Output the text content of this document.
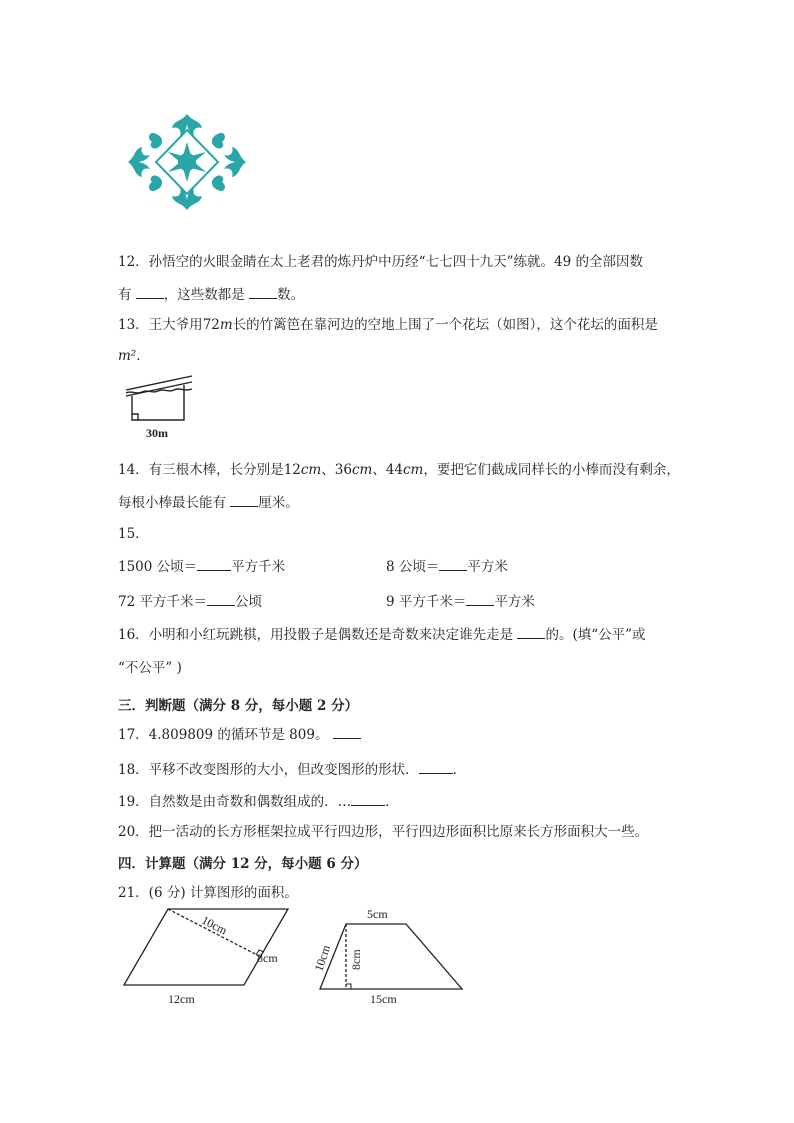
12．孙悟空的火眼金睛在太上老君的炼丹炉中历经“七七四十九天”练就。49 的全部因数
有 ，这些数都是 数。
13．王大爷用72m长的竹篱笆在靠河边的空地上围了一个花坛（如图），这个花坛的面积是
m²．
30m
14．有三根木棒，长分别是12cm、36cm、44cm，要把它们截成同样长的小棒而没有剩余，
每根小棒最长能有 厘米。
15．
1500 公顷＝	平方千米	8 公顷＝ 平方米
72 平方千米＝ 公顷	9 平方千米＝ 平方米
16．小明和小红玩跳棋，用投骰子是偶数还是奇数来决定谁先走是 的。(填“公平”或
“不公平” )
三．判断题（满分 8 分，每小题 2 分）
17．4.809809 的循环节是 809。
18．平移不改变图形的大小，但改变图形的形状．	．
19．自然数是由奇数和偶数组成的．…	．
20．把一活动的长方形框架拉成平行四边形，平行四边形面积比原来长方形面积大一些。
四．计算题（满分 12 分，每小题 6 分）
21．(6 分) 计算图形的面积。
10cm
8cm
12cm
5cm
10cm 8cm
15cm
